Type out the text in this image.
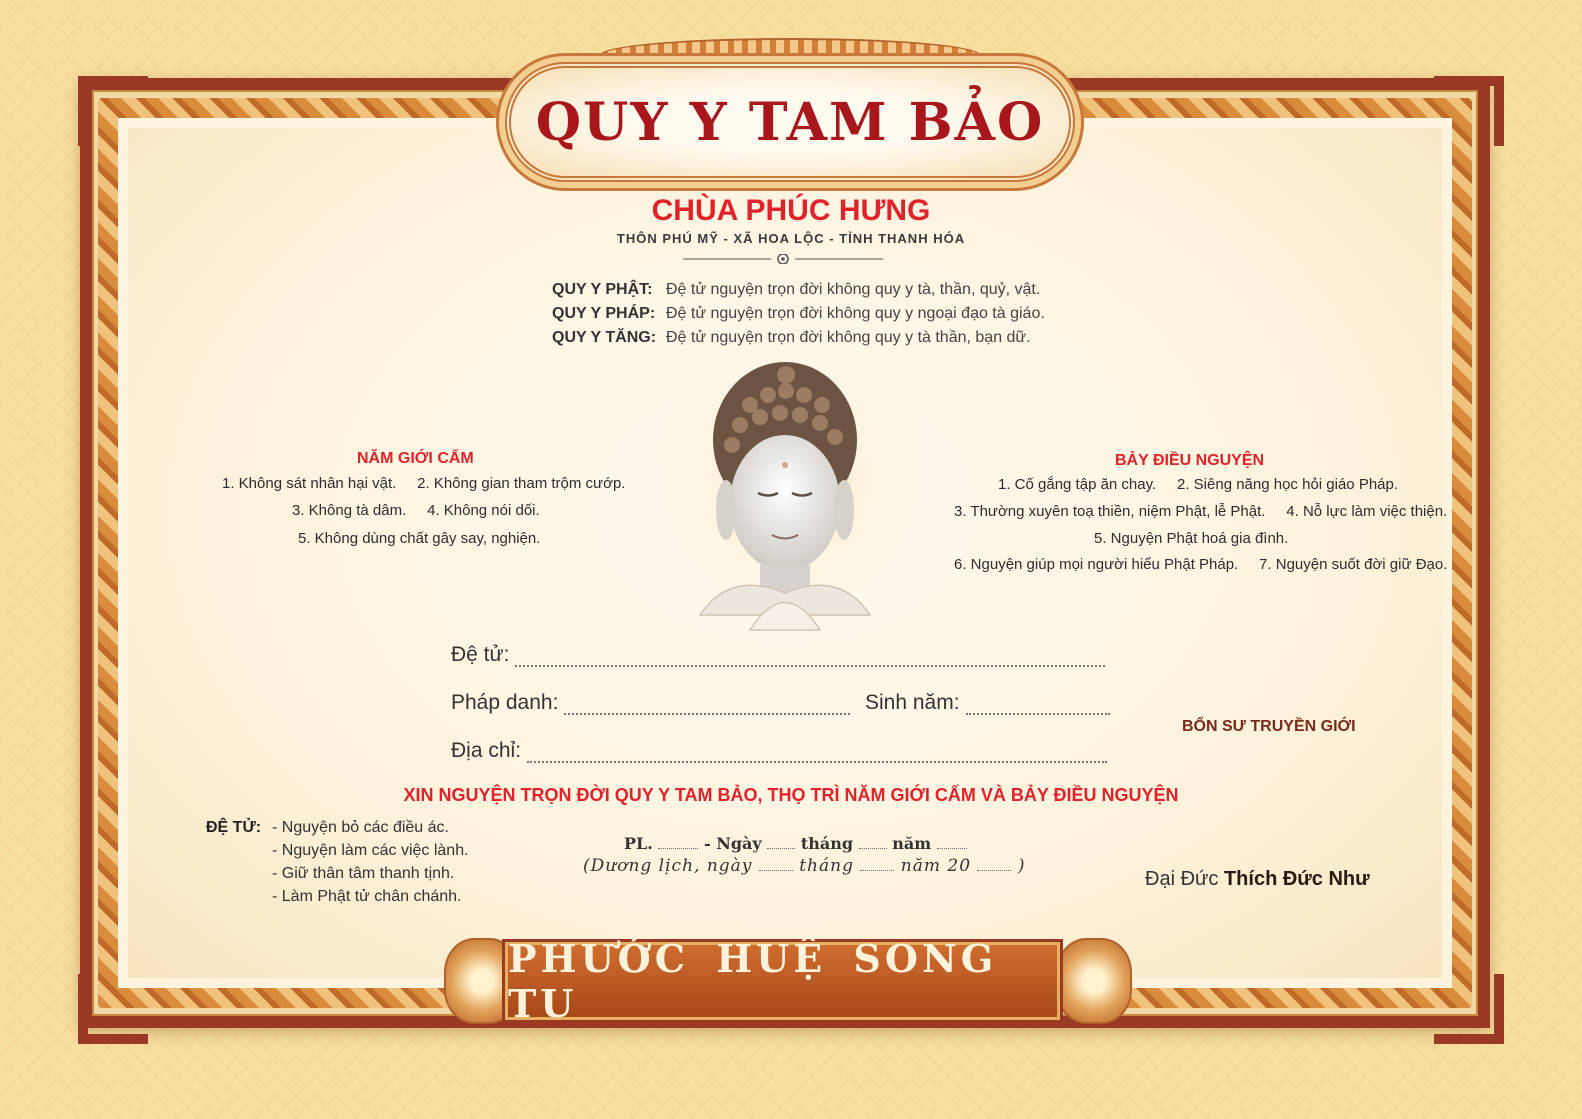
QUY Y TAM BẢO
CHÙA PHÚC HƯNG
THÔN PHÚ MỸ - XÃ HOA LỘC - TỈNH THANH HÓA
QUY Y PHẬT: Đệ tử nguyện trọn đời không quy y tà, thần, quỷ, vật.
QUY Y PHÁP: Đệ tử nguyện trọn đời không quy y ngoại đạo tà giáo.
QUY Y TĂNG: Đệ tử nguyện trọn đời không quy y tà thần, bạn dữ.
NĂM GIỚI CẤM
1. Không sát nhân hại vật.     2. Không gian tham trộm cướp.
3. Không tà dâm.     4. Không nói dối.
5. Không dùng chất gây say, nghiện.
BẢY ĐIỀU NGUYỆN
1. Cố gắng tập ăn chay.     2. Siêng năng học hỏi giáo Pháp.
3. Thường xuyên toạ thiền, niệm Phật, lễ Phật.     4. Nỗ lực làm việc thiện.
5. Nguyện Phật hoá gia đình.
6. Nguyện giúp mọi người hiểu Phật Pháp.     7. Nguyện suốt đời giữ Đạo.
Đệ tử:
Pháp danh:	Sinh năm:
Địa chỉ:
BỔN SƯ TRUYỀN GIỚI
XIN NGUYỆN TRỌN ĐỜI QUY Y TAM BẢO, THỌ TRÌ NĂM GIỚI CẤM VÀ BẢY ĐIỀU NGUYỆN
ĐỆ TỬ: - Nguyện bỏ các điều ác.
- Nguyện làm các việc lành.
- Giữ thân tâm thanh tịnh.
- Làm Phật tử chân chánh.
PL.	- Ngày tháng năm
(Dương lịch, ngày	tháng	năm 20	)
Đại Đức Thích Đức Như
PHƯỚC HUỆ SONG TU
